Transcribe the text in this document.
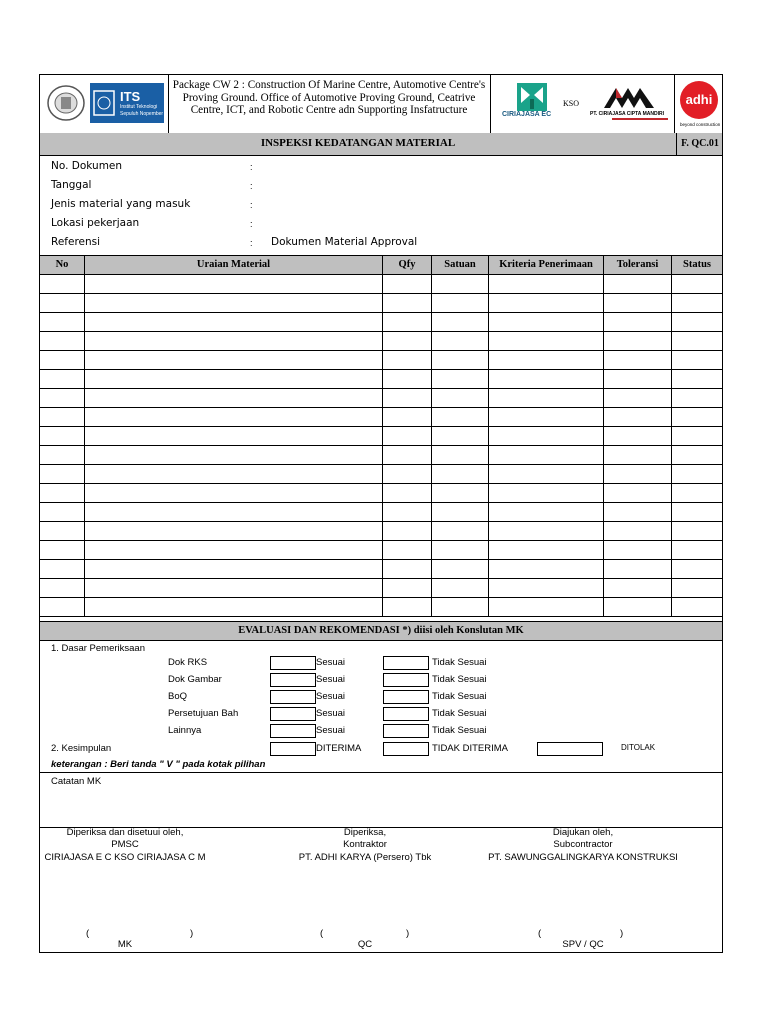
ITS
Institut Teknologi
Sepuluh Nopember
Package CW 2 : Construction Of Marine Centre, Automotive Centre's Proving Ground. Office of Automotive Proving Ground, Ceatrive Centre, ICT, and Robotic Centre adn Supporting Insfatructure	CIRIAJASA EC
KSO
PT. CIRIAJASA CIPTA MANDIRI
adhi
beyond construction
INSPEKSI KEDATANGAN MATERIAL	F. QC.01
No. Dokumen	:
Tanggal	:
Jenis material yang masuk	:
Lokasi pekerjaan	:
Referensi	: Dokumen Material Approval
No	Uraian Material	Qfy	Satuan	Kriteria Penerimaan	Toleransi	Status
EVALUASI DAN REKOMENDASI *) diisi oleh Konslutan MK
1. Dasar Pemeriksaan
Dok RKS	Sesuai	Tidak Sesuai
Dok Gambar	Sesuai	Tidak Sesuai
BoQ	Sesuai	Tidak Sesuai
Persetujuan Bah	Sesuai	Tidak Sesuai
Lainnya	Sesuai	Tidak Sesuai
2. Kesimpulan	DITERIMA	TIDAK DITERIMA	DITOLAK
keterangan : Beri tanda " V " pada kotak pilihan
Catatan MK
Diperiksa dan disetuui oleh,
PMSC
CIRIAJASA E C KSO CIRIAJASA C M
(	)
MK
Diperiksa,
Kontraktor
PT. ADHI KARYA (Persero) Tbk
(	)
QC
Diajukan oleh,
Subcontractor
PT. SAWUNGGALINGKARYA KONSTRUKSI
(	)
SPV / QC
